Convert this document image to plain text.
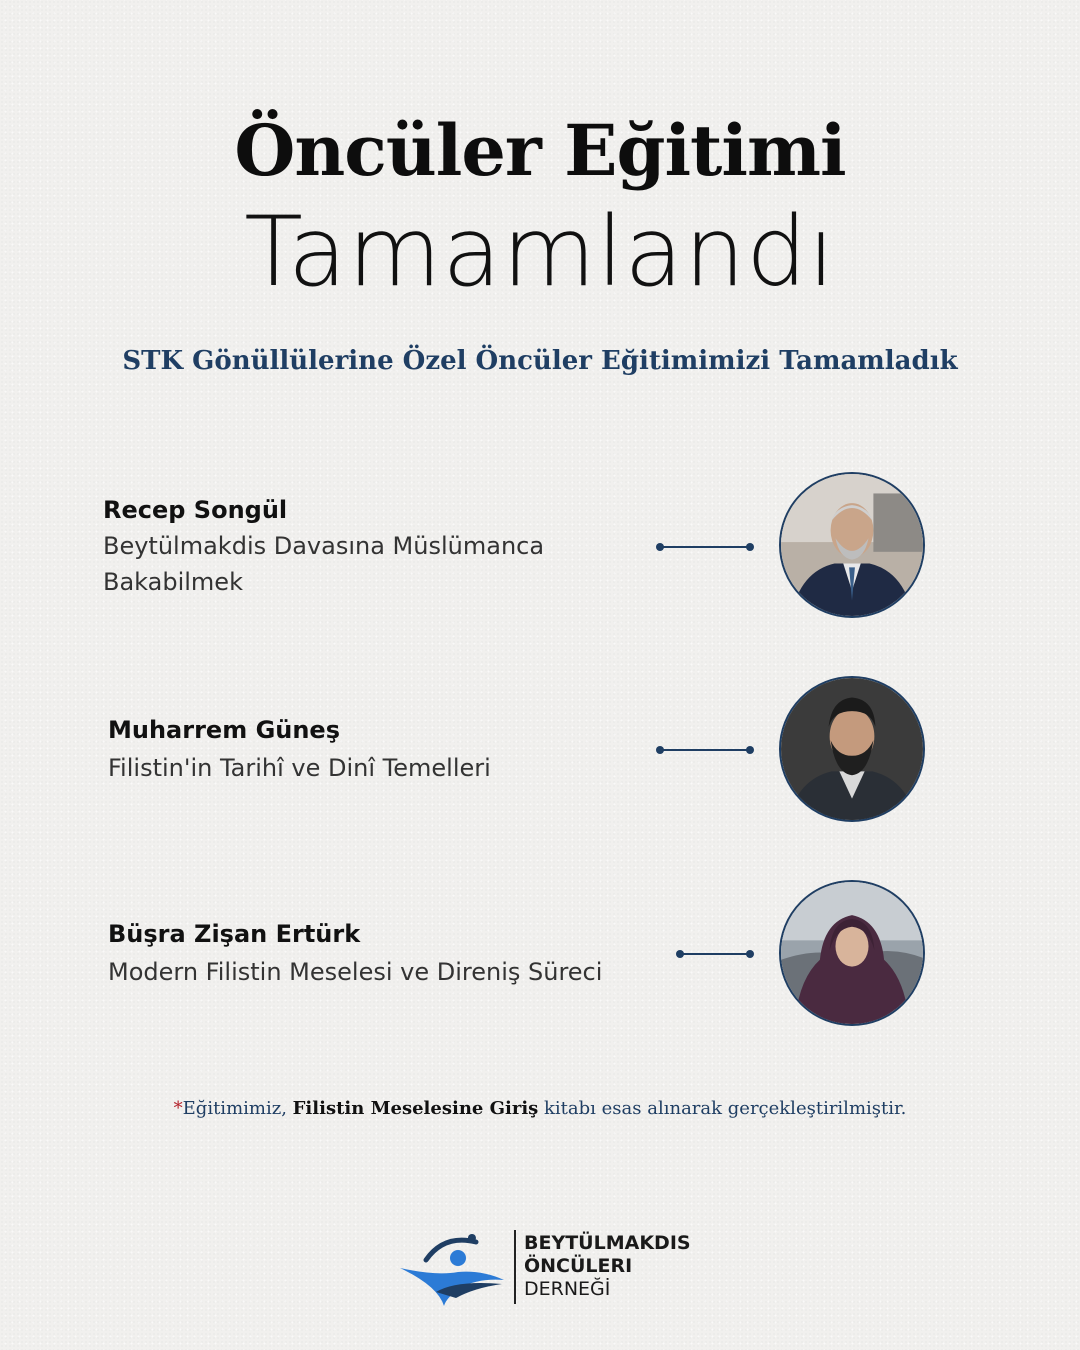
Öncüler Eğitimi
Tamamlandı

STK Gönüllülerine Özel Öncüler Eğitimimizi Tamamladık

Recep Songül
Beytülmakdis Davasına Müslümanca Bakabilmek
Muharrem Güneş
Filistin'in Tarihî ve Dinî Temelleri
Büşra Zişan Ertürk
Modern Filistin Meselesi ve Direniş Süreci

*Eğitimimiz, Filistin Meselesine Giriş kitabı esas alınarak gerçekleştirilmiştir.

BEYTÜLMAKDIS
ÖNCÜLERI
DERNEĞİ
